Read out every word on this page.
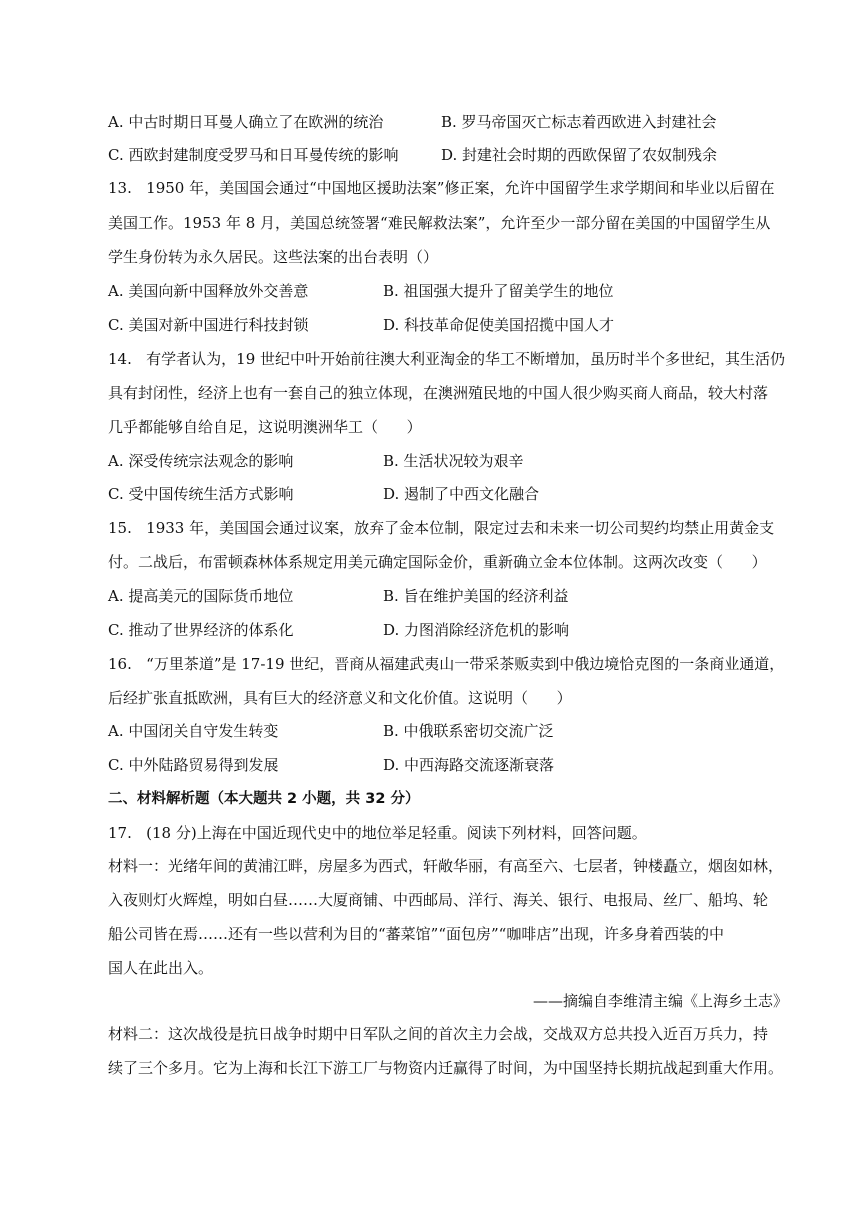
A. 中古时期日耳曼人确立了在欧洲的统治	B. 罗马帝国灭亡标志着西欧进入封建社会
C. 西欧封建制度受罗马和日耳曼传统的影响	D. 封建社会时期的西欧保留了农奴制残余
13.   1950 年，美国国会通过“中国地区援助法案”修正案，允许中国留学生求学期间和毕业以后留在
美国工作。1953 年 8 月，美国总统签署“难民解救法案”，允许至少一部分留在美国的中国留学生从
学生身份转为永久居民。这些法案的出台表明（）
A. 美国向新中国释放外交善意	B. 祖国强大提升了留美学生的地位
C. 美国对新中国进行科技封锁	D. 科技革命促使美国招揽中国人才
14.   有学者认为，19 世纪中叶开始前往澳大利亚淘金的华工不断增加，虽历时半个多世纪，其生活仍
具有封闭性，经济上也有一套自己的独立体现，在澳洲殖民地的中国人很少购买商人商品，较大村落
几乎都能够自给自足，这说明澳洲华工（      ）
A. 深受传统宗法观念的影响	B. 生活状况较为艰辛
C. 受中国传统生活方式影响	D. 遏制了中西文化融合
15.   1933 年，美国国会通过议案，放弃了金本位制，限定过去和未来一切公司契约均禁止用黄金支
付。二战后，布雷顿森林体系规定用美元确定国际金价，重新确立金本位体制。这两次改变（      ）
A. 提高美元的国际货币地位	B. 旨在维护美国的经济利益
C. 推动了世界经济的体系化	D. 力图消除经济危机的影响
16.   “万里茶道”是 17-19 世纪，晋商从福建武夷山一带采茶贩卖到中俄边境恰克图的一条商业通道，
后经扩张直抵欧洲，具有巨大的经济意义和文化价值。这说明（      ）
A. 中国闭关自守发生转变	B. 中俄联系密切交流广泛
C. 中外陆路贸易得到发展	D. 中西海路交流逐渐衰落
二、材料解析题（本大题共 2 小题，共 32 分）
17.   (18 分)上海在中国近现代史中的地位举足轻重。阅读下列材料，回答问题。
材料一：光绪年间的黄浦江畔，房屋多为西式，轩敞华丽，有高至六、七层者，钟楼矗立，烟囱如林，
入夜则灯火辉煌，明如白昼……大厦商铺、中西邮局、洋行、海关、银行、电报局、丝厂、船坞、轮
船公司皆在焉……还有一些以营利为目的“蕃菜馆”“面包房”“咖啡店”出现，许多身着西装的中
国人在此出入。
——摘编自李维清主编《上海乡土志》
材料二：这次战役是抗日战争时期中日军队之间的首次主力会战，交战双方总共投入近百万兵力，持
续了三个多月。它为上海和长江下游工厂与物资内迁赢得了时间，为中国坚持长期抗战起到重大作用。
